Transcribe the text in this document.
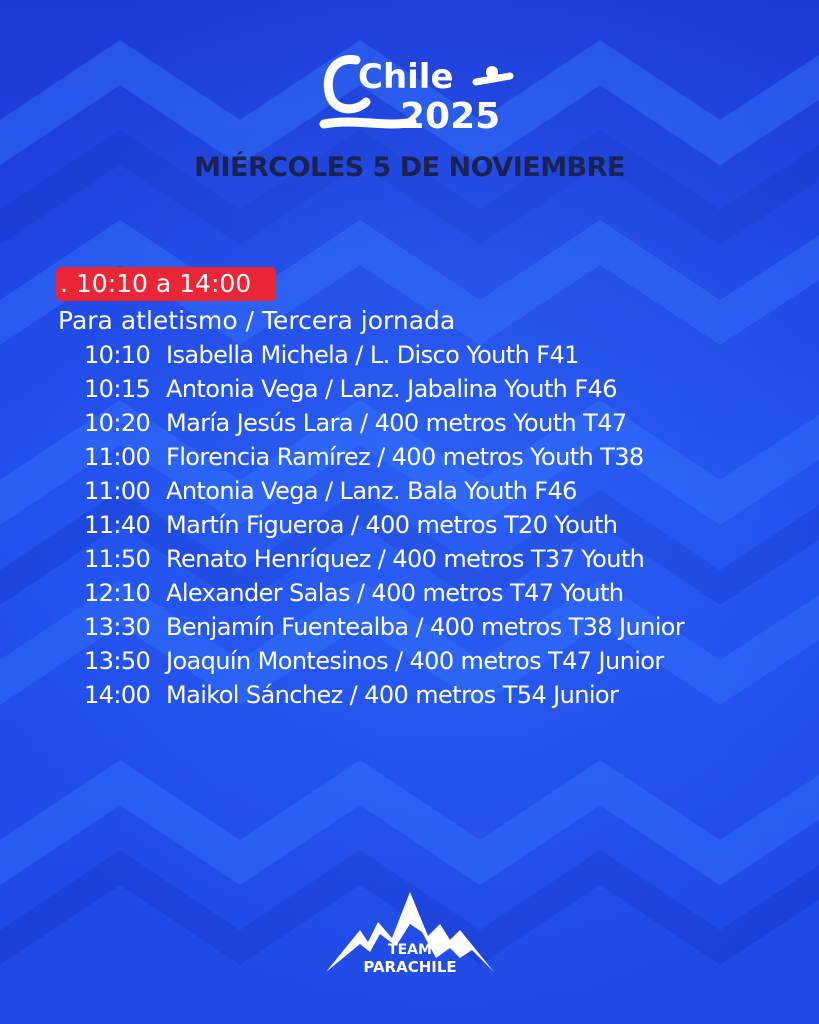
Chile
2025
MIÉRCOLES 5 DE NOVIEMBRE
. 10:10 a 14:00
Para atletismo / Tercera jornada
10:10 Isabella Michela / L. Disco Youth F41
10:15 Antonia Vega / Lanz. Jabalina Youth F46
10:20 María Jesús Lara / 400 metros Youth T47
11:00 Florencia Ramírez / 400 metros Youth T38
11:00 Antonia Vega / Lanz. Bala Youth F46
11:40 Martín Figueroa / 400 metros T20 Youth
11:50 Renato Henríquez / 400 metros T37 Youth
12:10 Alexander Salas / 400 metros T47 Youth
13:30 Benjamín Fuentealba / 400 metros T38 Junior
13:50 Joaquín Montesinos / 400 metros T47 Junior
14:00 Maikol Sánchez / 400 metros T54 Junior
TEAM
PARACHILE
